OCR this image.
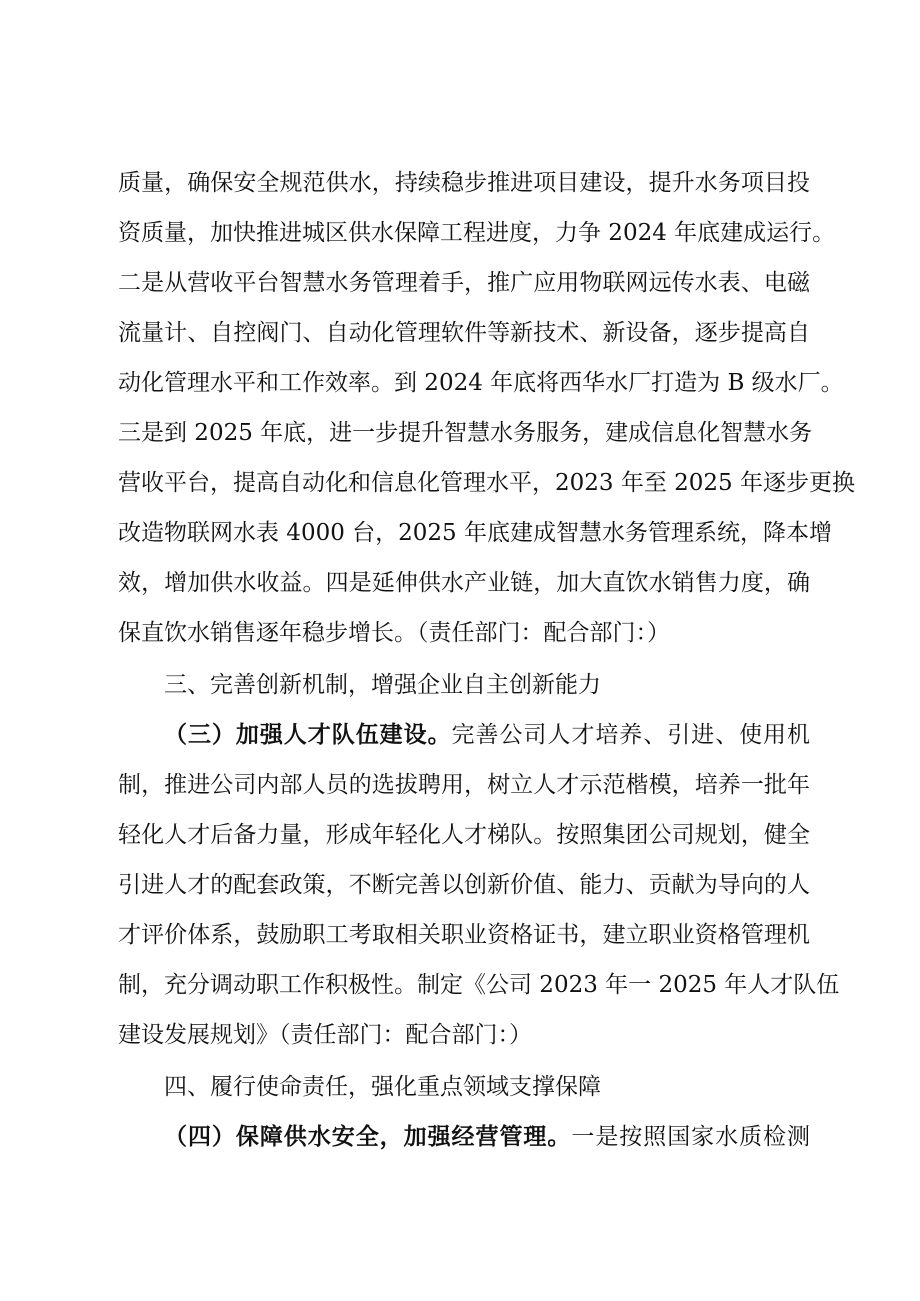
质量，确保安全规范供水，持续稳步推进项目建设，提升水务项目投
资质量，加快推进城区供水保障工程进度，力争 2024 年底建成运行。
二是从营收平台智慧水务管理着手，推广应用物联网远传水表、电磁
流量计、自控阀门、自动化管理软件等新技术、新设备，逐步提高自
动化管理水平和工作效率。到 2024 年底将西华水厂打造为 B 级水厂。
三是到 2025 年底，进一步提升智慧水务服务，建成信息化智慧水务
营收平台，提高自动化和信息化管理水平，2023 年至 2025 年逐步更换
改造物联网水表 4000 台，2025 年底建成智慧水务管理系统，降本增
效，增加供水收益。四是延伸供水产业链，加大直饮水销售力度，确
保直饮水销售逐年稳步增长。（责任部门：配合部门：）
三、完善创新机制，增强企业自主创新能力
（三）加强人才队伍建设。完善公司人才培养、引进、使用机
制，推进公司内部人员的选拔聘用，树立人才示范楷模，培养一批年
轻化人才后备力量，形成年轻化人才梯队。按照集团公司规划，健全
引进人才的配套政策，不断完善以创新价值、能力、贡献为导向的人
才评价体系，鼓励职工考取相关职业资格证书，建立职业资格管理机
制，充分调动职工作积极性。制定《公司 2023 年一 2025 年人才队伍
建设发展规划》（责任部门：配合部门：）
四、履行使命责任，强化重点领域支撑保障
（四）保障供水安全，加强经营管理。一是按照国家水质检测
